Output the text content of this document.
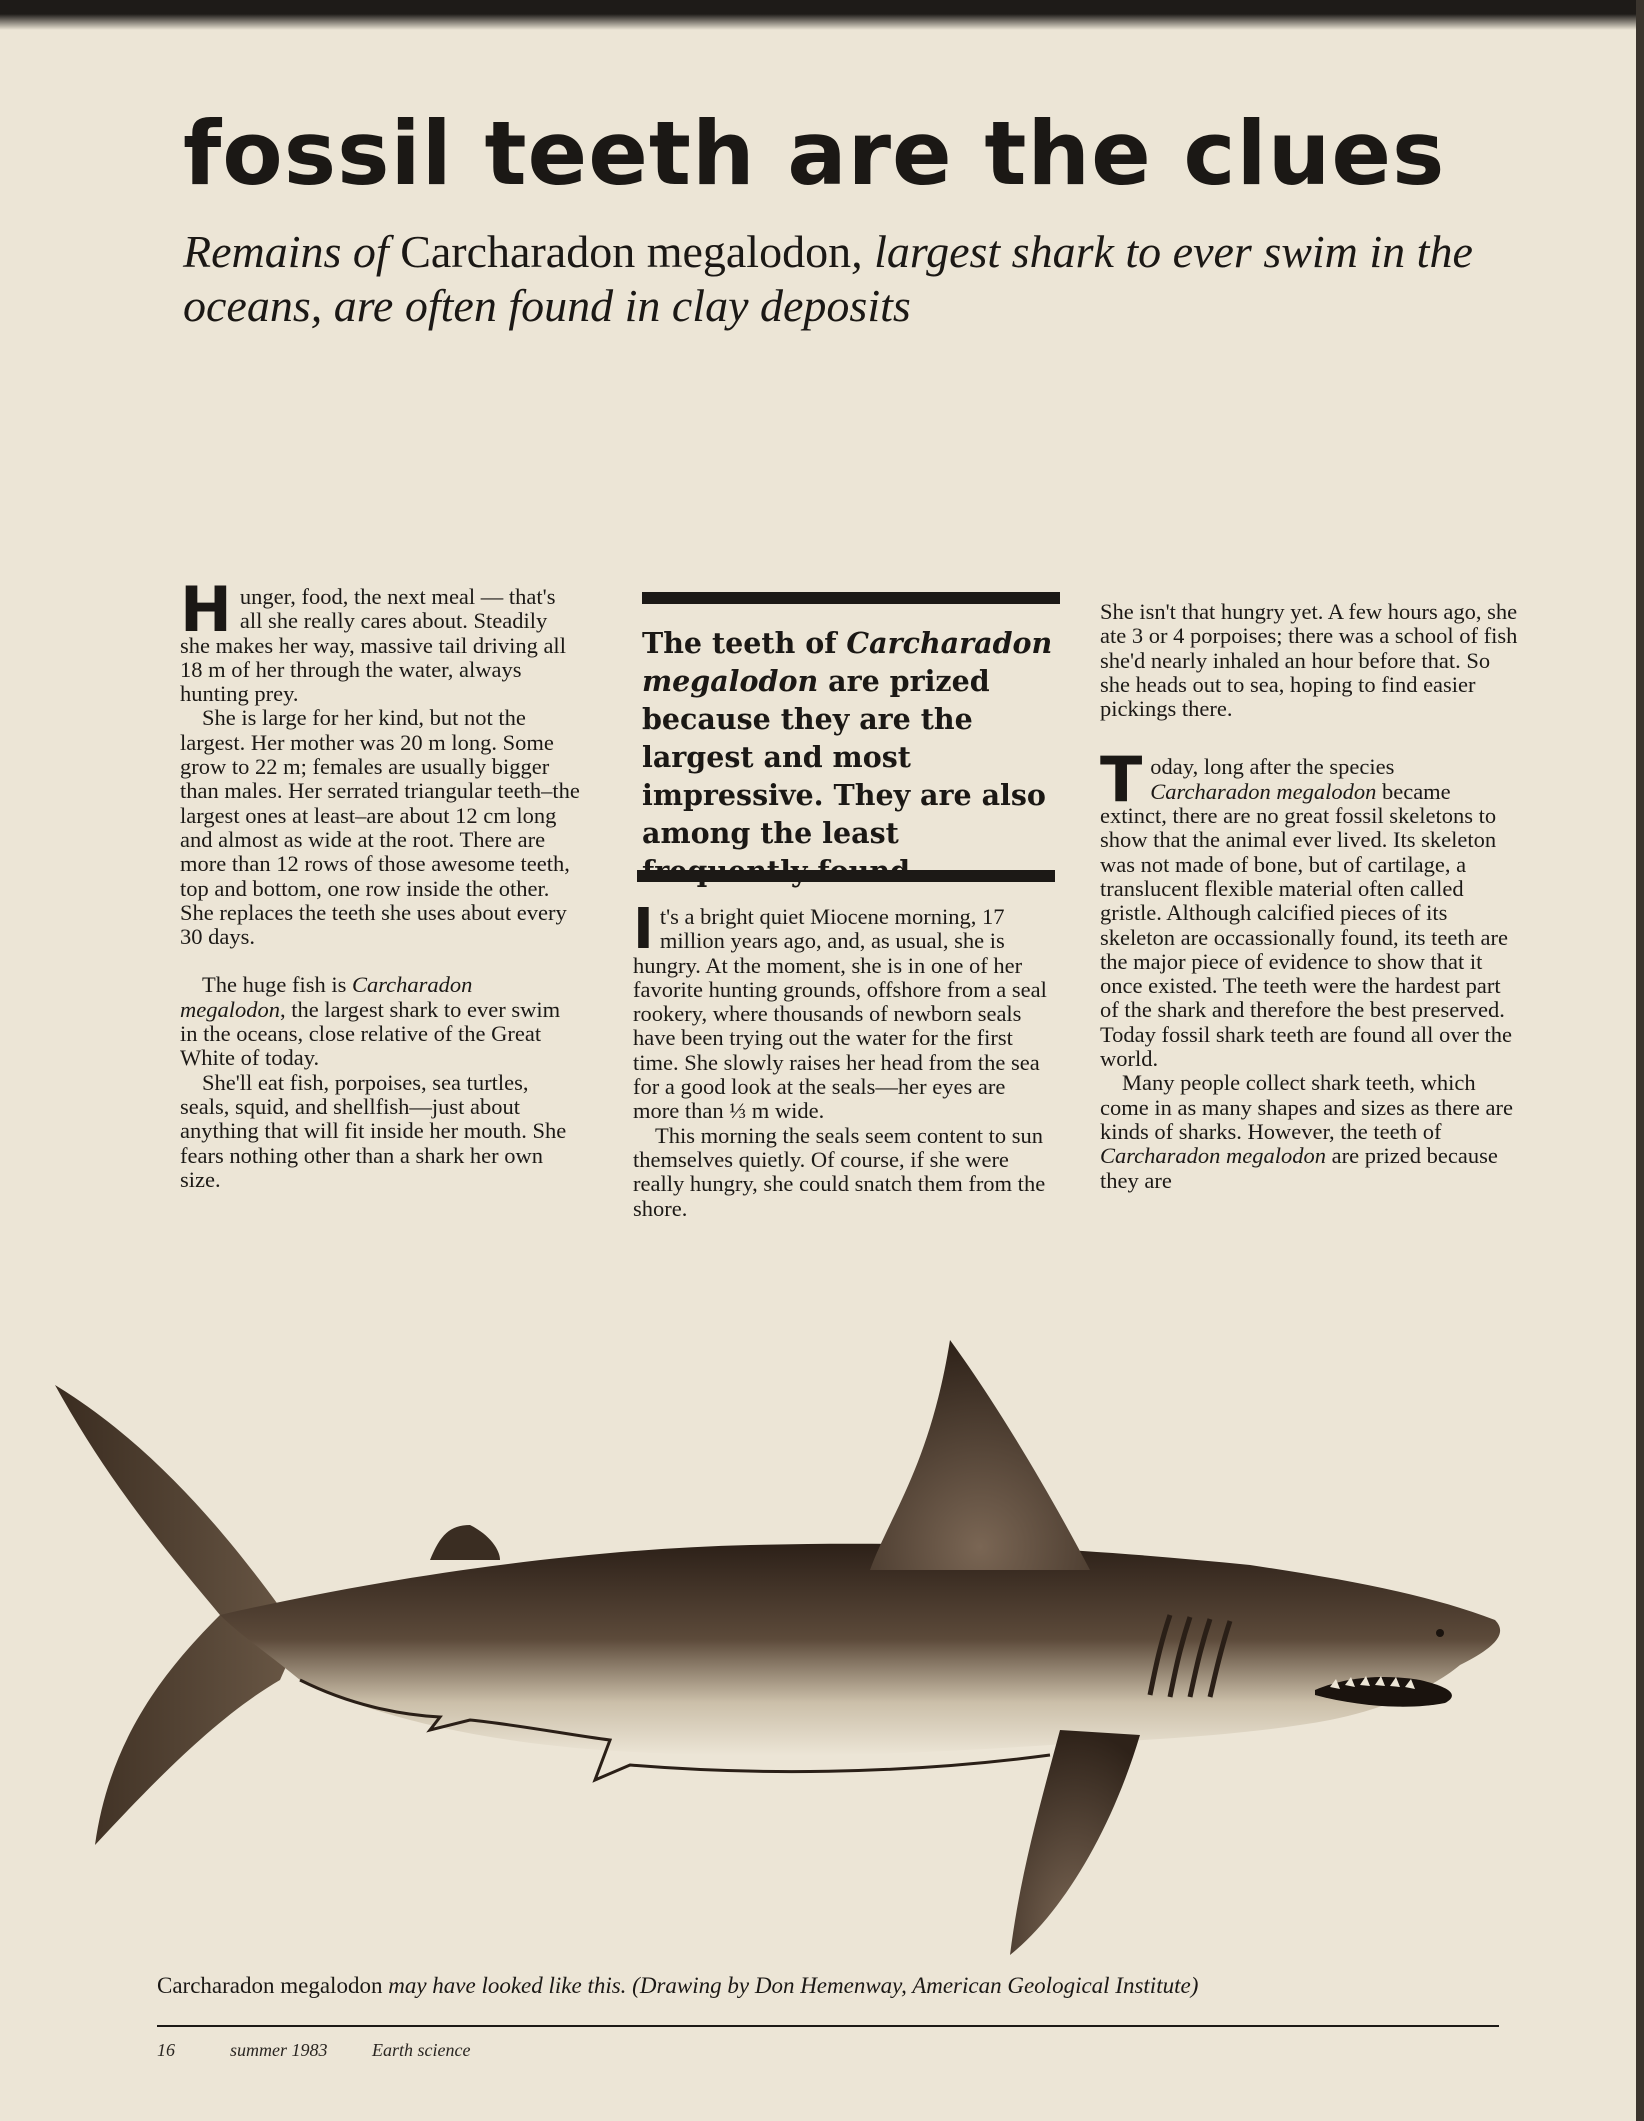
fossil teeth are the clues
Remains of Carcharadon megalodon, largest shark to ever swim in the oceans, are often found in clay deposits

Hunger, food, the next meal — that's all she really cares about. Steadily she makes her way, massive tail driving all 18 m of her through the water, always hunting prey.

She is large for her kind, but not the largest. Her mother was 20 m long. Some grow to 22 m; females are usually bigger than males. Her serrated triangular teeth–the largest ones at least–are about 12 cm long and almost as wide at the root. There are more than 12 rows of those awesome teeth, top and bottom, one row inside the other. She replaces the teeth she uses about every 30 days.

The huge fish is Carcharadon megalodon, the largest shark to ever swim in the oceans, close relative of the Great White of today.

She'll eat fish, porpoises, sea turtles, seals, squid, and shellfish—just about anything that will fit inside her mouth. She fears nothing other than a shark her own size.

The teeth of Carcharadon megalodon are prized because they are the largest and most impressive. They are also among the least

It's a bright quiet Miocene morning, 17 million years ago, and, as usual, she is hungry. At the moment, she is in one of her favorite hunting grounds, offshore from a seal rookery, where thousands of newborn seals have been trying out the water for the first time. She slowly raises her head from the sea for a good look at the seals—her eyes are more than ⅓ m wide.

This morning the seals seem content to sun themselves quietly. Of course, if she were really hungry, she could snatch them from the shore.

She isn't that hungry yet. A few hours ago, she ate 3 or 4 porpoises; there was a school of fish she'd nearly inhaled an hour before that. So she heads out to sea, hoping to find easier pickings there.

Today, long after the species Carcharadon megalodon became extinct, there are no great fossil skeletons to show that the animal ever lived. Its skeleton was not made of bone, but of cartilage, a translucent flexible material often called gristle. Although calcified pieces of its skeleton are occassionally found, its teeth are the major piece of evidence to show that it once existed. The teeth were the hardest part of the shark and therefore the best preserved. Today fossil shark teeth are found all over the world.

Many people collect shark teeth, which come in as many shapes and sizes as there are kinds of sharks. However, the teeth of Carcharadon megalodon are prized because they are

Carcharadon megalodon may have looked like this. (Drawing by Don Hemenway, American Geological Institute)
16	summer 1983 Earth science
